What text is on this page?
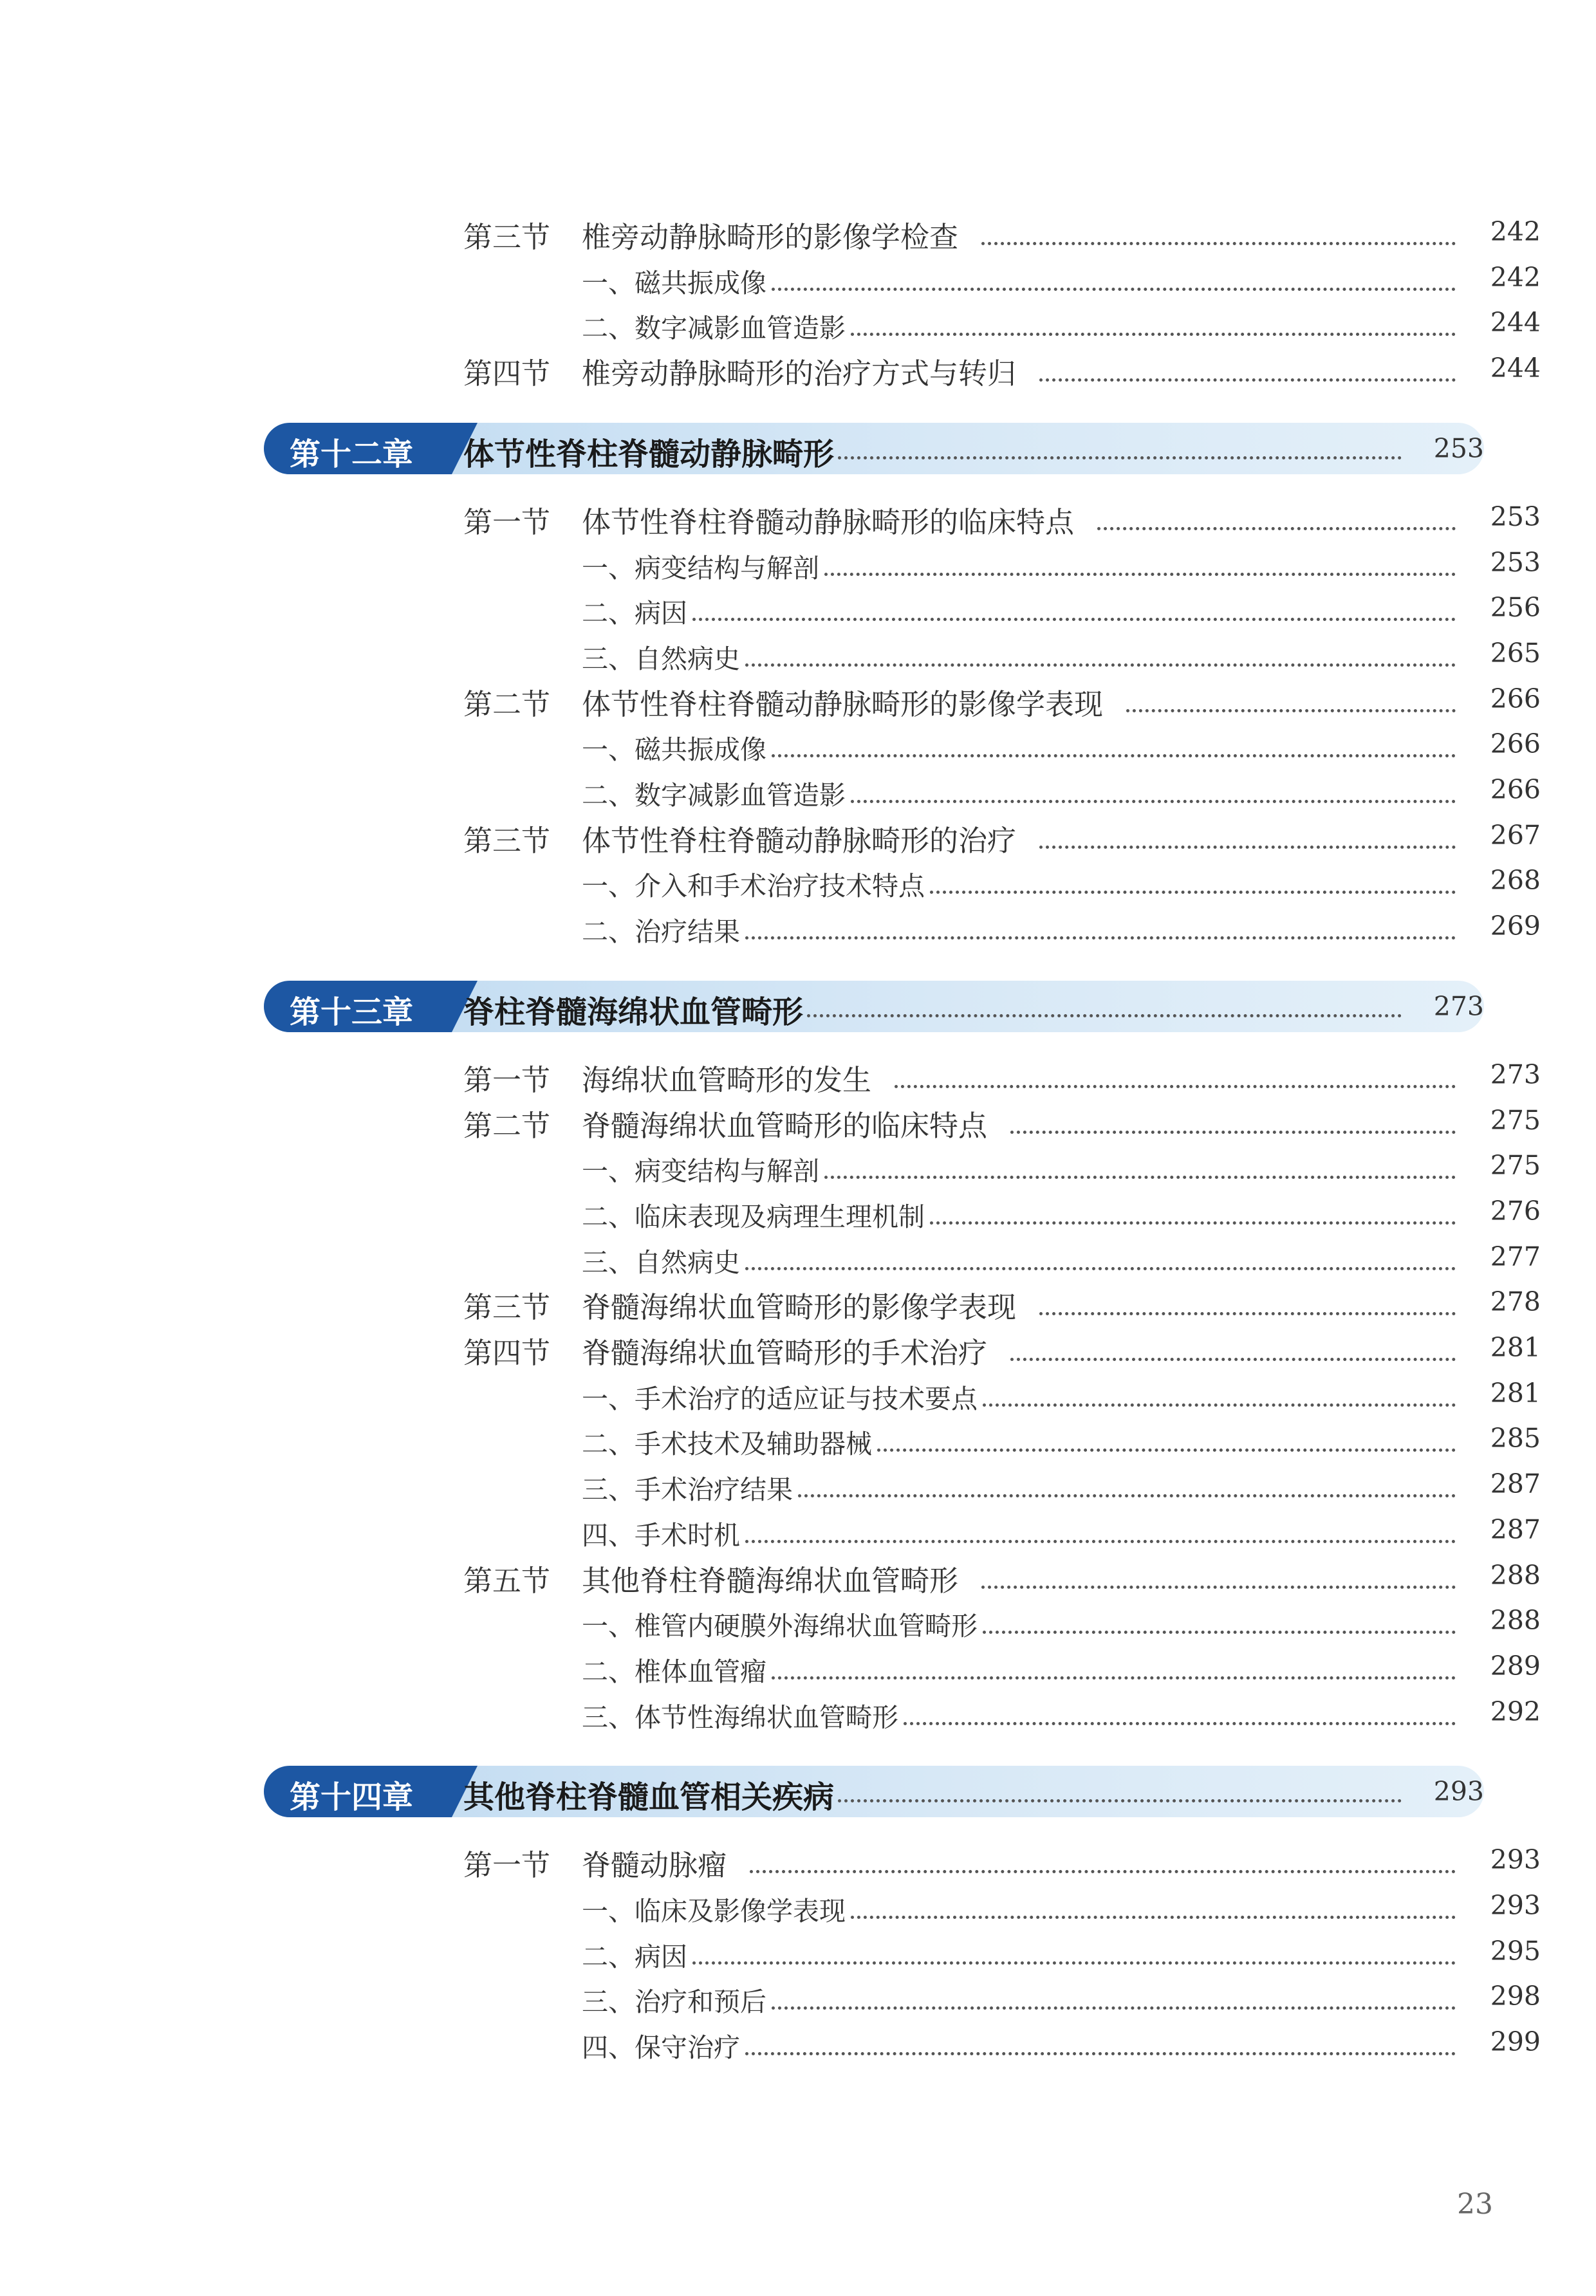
第三节 椎旁动静脉畸形的影像学检查	242
一、磁共振成像	242
二、数字减影血管造影	244
第四节 椎旁动静脉畸形的治疗方式与转归	244
第十二章 体节性脊柱脊髓动静脉畸形	253
第一节 体节性脊柱脊髓动静脉畸形的临床特点	253
一、病变结构与解剖	253
二、病因	256
三、自然病史	265
第二节 体节性脊柱脊髓动静脉畸形的影像学表现	266
一、磁共振成像	266
二、数字减影血管造影	266
第三节 体节性脊柱脊髓动静脉畸形的治疗	267
一、介入和手术治疗技术特点	268
二、治疗结果	269
第十三章 脊柱脊髓海绵状血管畸形	273
第一节 海绵状血管畸形的发生	273
第二节 脊髓海绵状血管畸形的临床特点	275
一、病变结构与解剖	275
二、临床表现及病理生理机制	276
三、自然病史	277
第三节 脊髓海绵状血管畸形的影像学表现	278
第四节 脊髓海绵状血管畸形的手术治疗	281
一、手术治疗的适应证与技术要点	281
二、手术技术及辅助器械	285
三、手术治疗结果	287
四、手术时机	287
第五节 其他脊柱脊髓海绵状血管畸形	288
一、椎管内硬膜外海绵状血管畸形	288
二、椎体血管瘤	289
三、体节性海绵状血管畸形	292
第十四章 其他脊柱脊髓血管相关疾病	293
第一节 脊髓动脉瘤	293
一、临床及影像学表现	293
二、病因	295
三、治疗和预后	298
四、保守治疗	299
23
